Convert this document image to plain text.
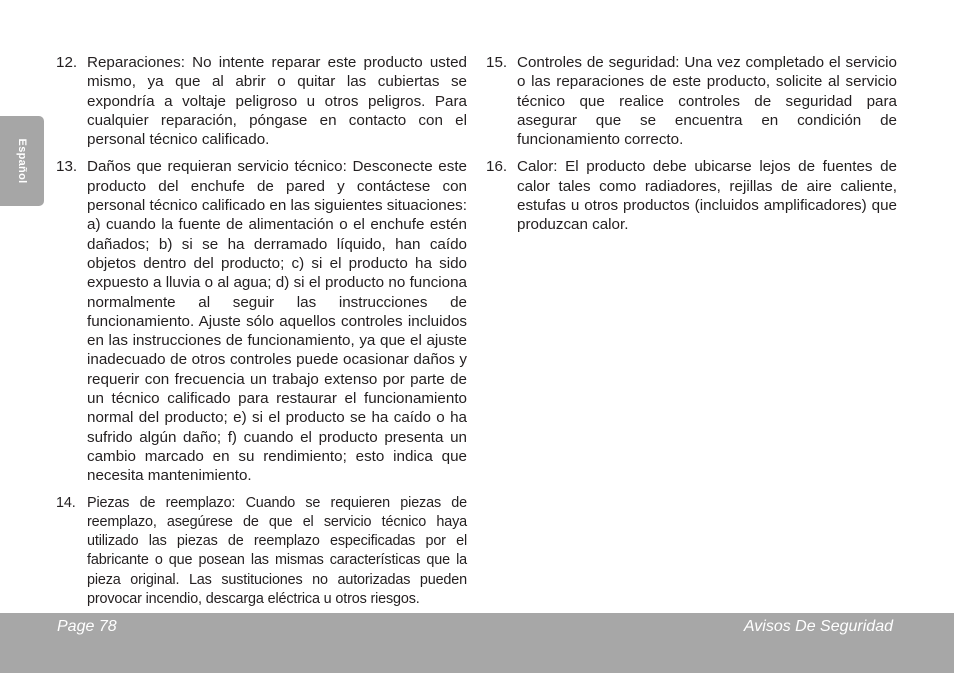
Español
12. Reparaciones: No intente reparar este producto usted mismo, ya que al abrir o quitar las cubiertas se expondría a voltaje peligroso u otros peligros. Para cualquier reparación, póngase en contacto con el personal técnico calificado.
13. Daños que requieran servicio técnico: Desconecte este producto del enchufe de pared y contáctese con personal técnico calificado en las siguientes situaciones: a) cuando la fuente de alimentación o el enchufe estén dañados; b) si se ha derramado líquido, han caído objetos dentro del producto; c) si el producto ha sido expuesto a lluvia o al agua; d) si el producto no funciona normalmente al seguir las instrucciones de funcionamiento. Ajuste sólo aquellos controles incluidos en las instrucciones de funcionamiento, ya que el ajuste inadecuado de otros controles puede ocasionar daños y requerir con frecuencia un trabajo extenso por parte de un técnico calificado para restaurar el funcionamiento normal del producto; e) si el producto se ha caído o ha sufrido algún daño; f) cuando el producto presenta un cambio marcado en su rendimiento; esto indica que necesita mantenimiento.
14. Piezas de reemplazo: Cuando se requieren piezas de reemplazo, asegúrese de que el servicio técnico haya utilizado las piezas de reemplazo especificadas por el fabricante o que posean las mismas características que la pieza original. Las sustituciones no autorizadas pueden provocar incendio, descarga eléctrica u otros riesgos.
15. Controles de seguridad: Una vez completado el servicio o las reparaciones de este producto, solicite al servicio técnico que realice controles de seguridad para asegurar que se encuentra en condición de funcionamiento correcto.
16. Calor: El producto debe ubicarse lejos de fuentes de calor tales como radiadores, rejillas de aire caliente, estufas u otros productos (incluidos amplificadores) que produzcan calor.
Page 78	Avisos De Seguridad
